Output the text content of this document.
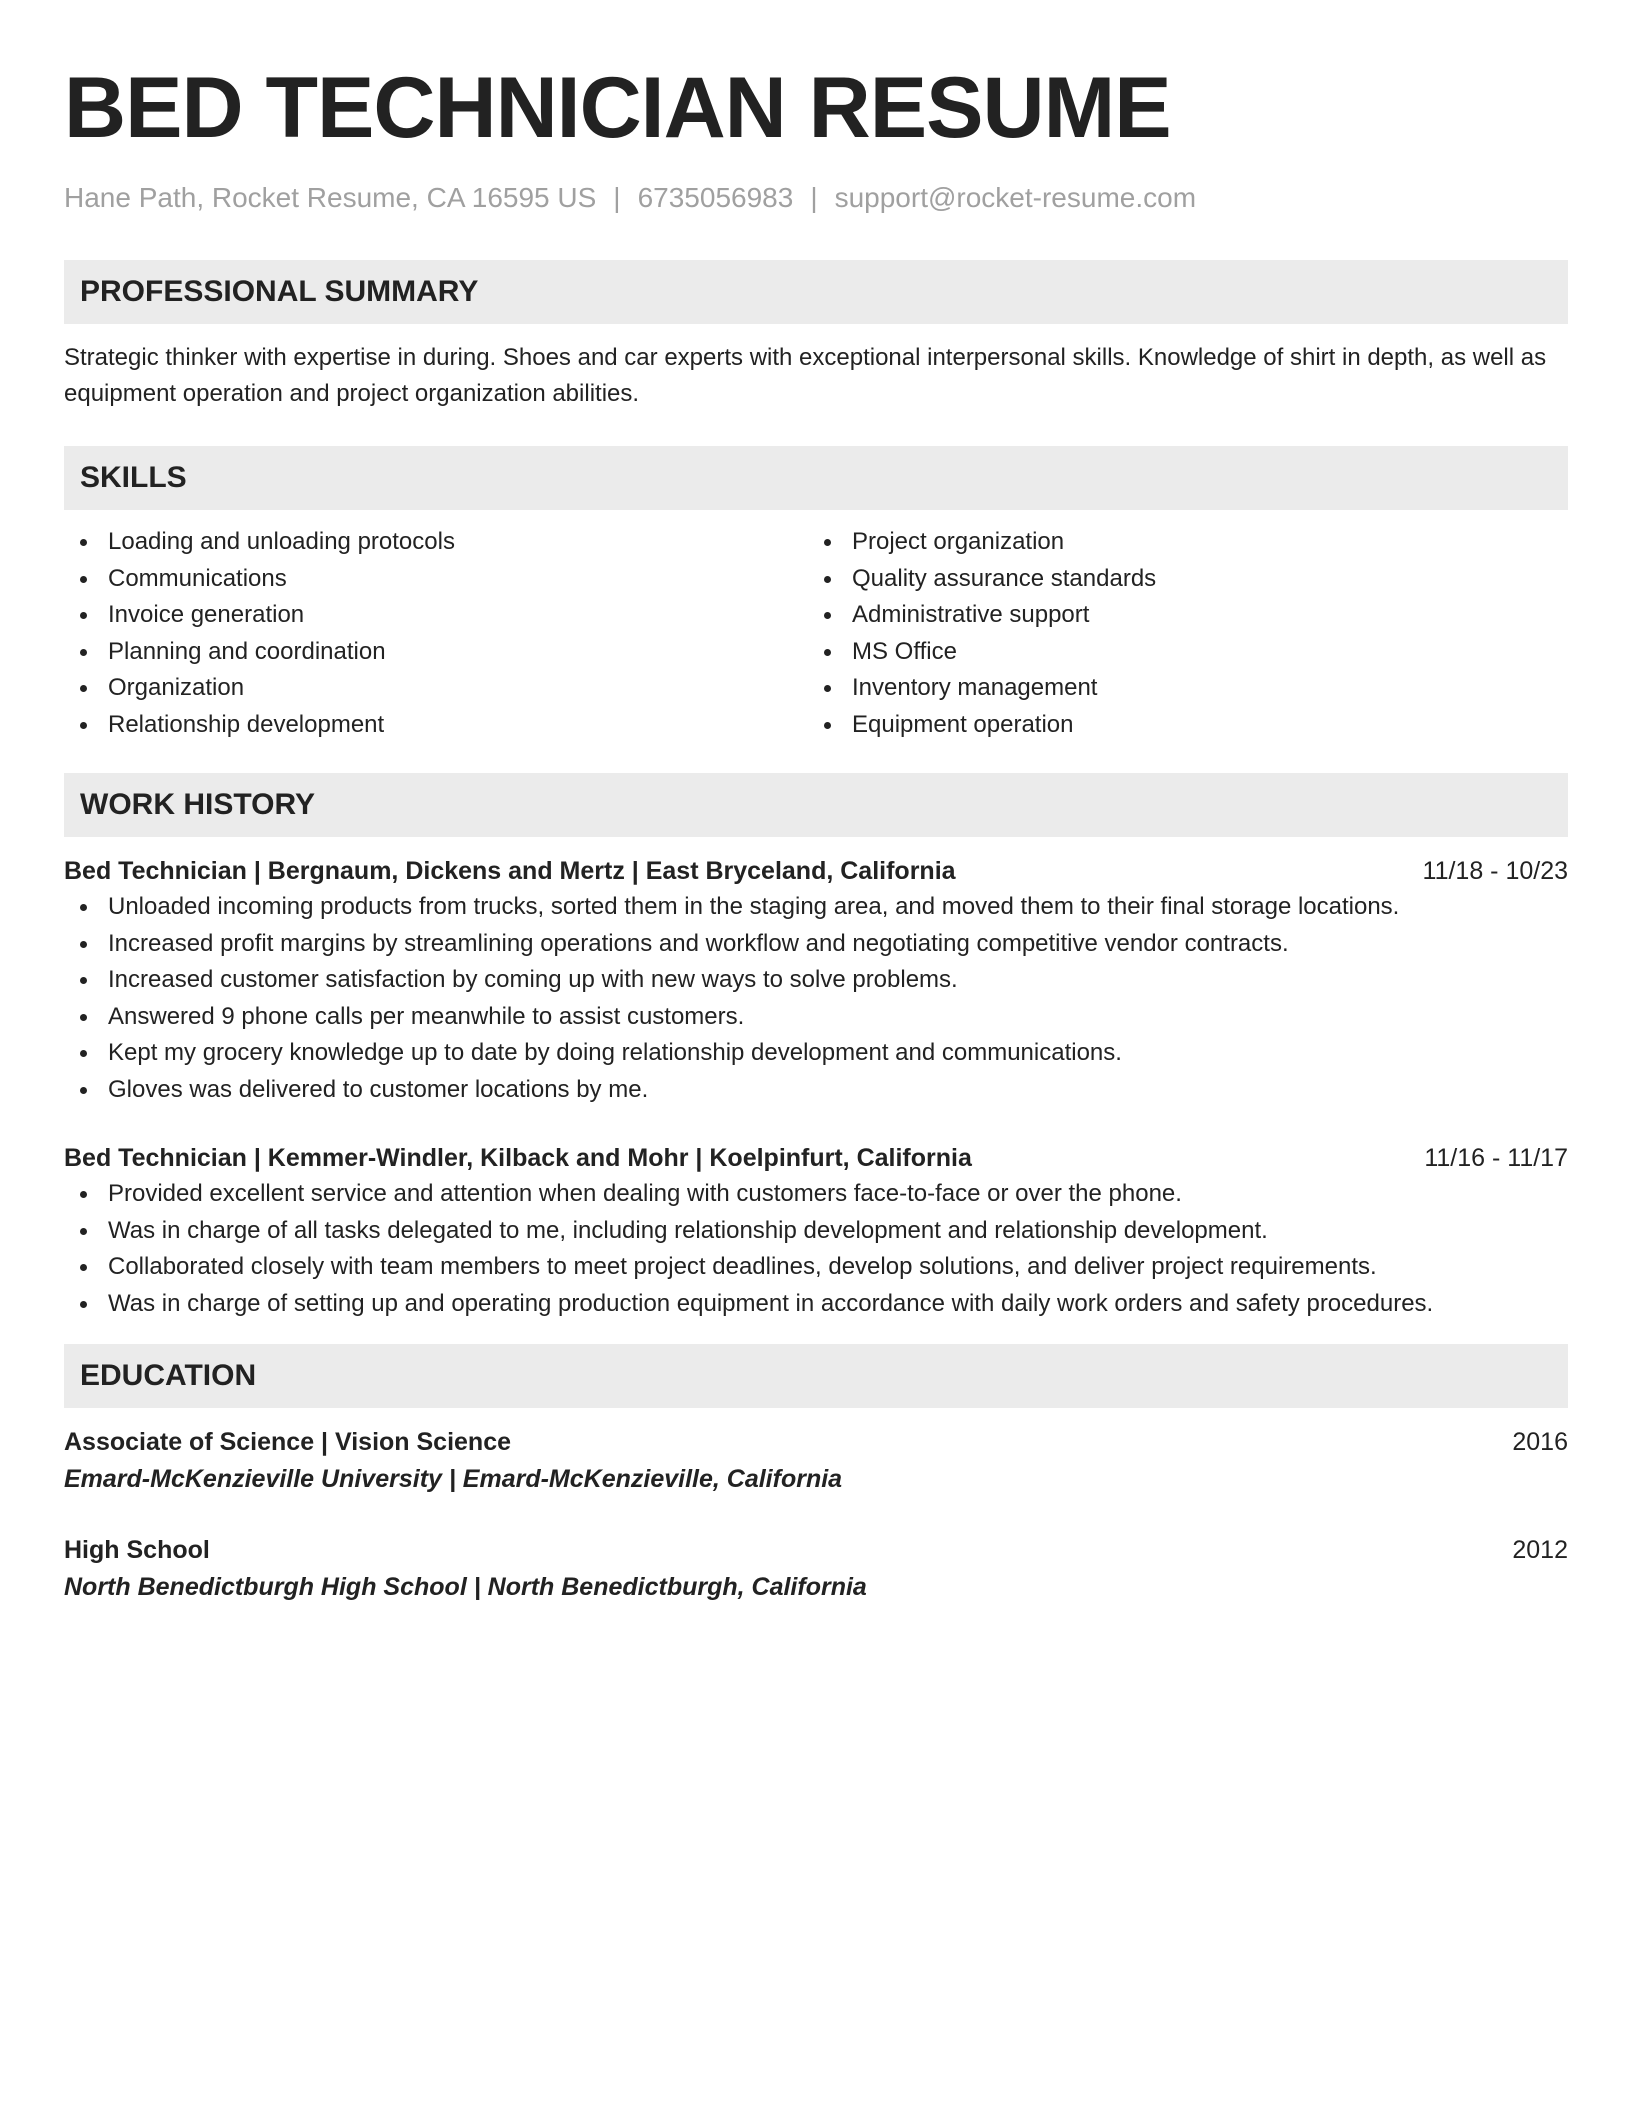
BED TECHNICIAN RESUME
Hane Path, Rocket Resume, CA 16595 US | 6735056983 | support@rocket-resume.com
PROFESSIONAL SUMMARY

Strategic thinker with expertise in during. Shoes and car experts with exceptional interpersonal skills. Knowledge of shirt in depth, as well as equipment operation and project organization abilities.

SKILLS
Loading and unloading protocols
Communications
Invoice generation
Planning and coordination
Organization
Relationship development
Project organization
Quality assurance standards
Administrative support
MS Office
Inventory management
Equipment operation
WORK HISTORY
Bed Technician | Bergnaum, Dickens and Mertz | East Bryceland, California	11/18 - 10/23
Unloaded incoming products from trucks, sorted them in the staging area, and moved them to their final storage locations.
Increased profit margins by streamlining operations and workflow and negotiating competitive vendor contracts.
Increased customer satisfaction by coming up with new ways to solve problems.
Answered 9 phone calls per meanwhile to assist customers.
Kept my grocery knowledge up to date by doing relationship development and communications.
Gloves was delivered to customer locations by me.
Bed Technician | Kemmer-Windler, Kilback and Mohr | Koelpinfurt, California	11/16 - 11/17
Provided excellent service and attention when dealing with customers face-to-face or over the phone.
Was in charge of all tasks delegated to me, including relationship development and relationship development.
Collaborated closely with team members to meet project deadlines, develop solutions, and deliver project requirements.
Was in charge of setting up and operating production equipment in accordance with daily work orders and safety procedures.
EDUCATION
Associate of Science | Vision Science	2016
Emard-McKenzieville University | Emard-McKenzieville, California
High School	2012
North Benedictburgh High School | North Benedictburgh, California
